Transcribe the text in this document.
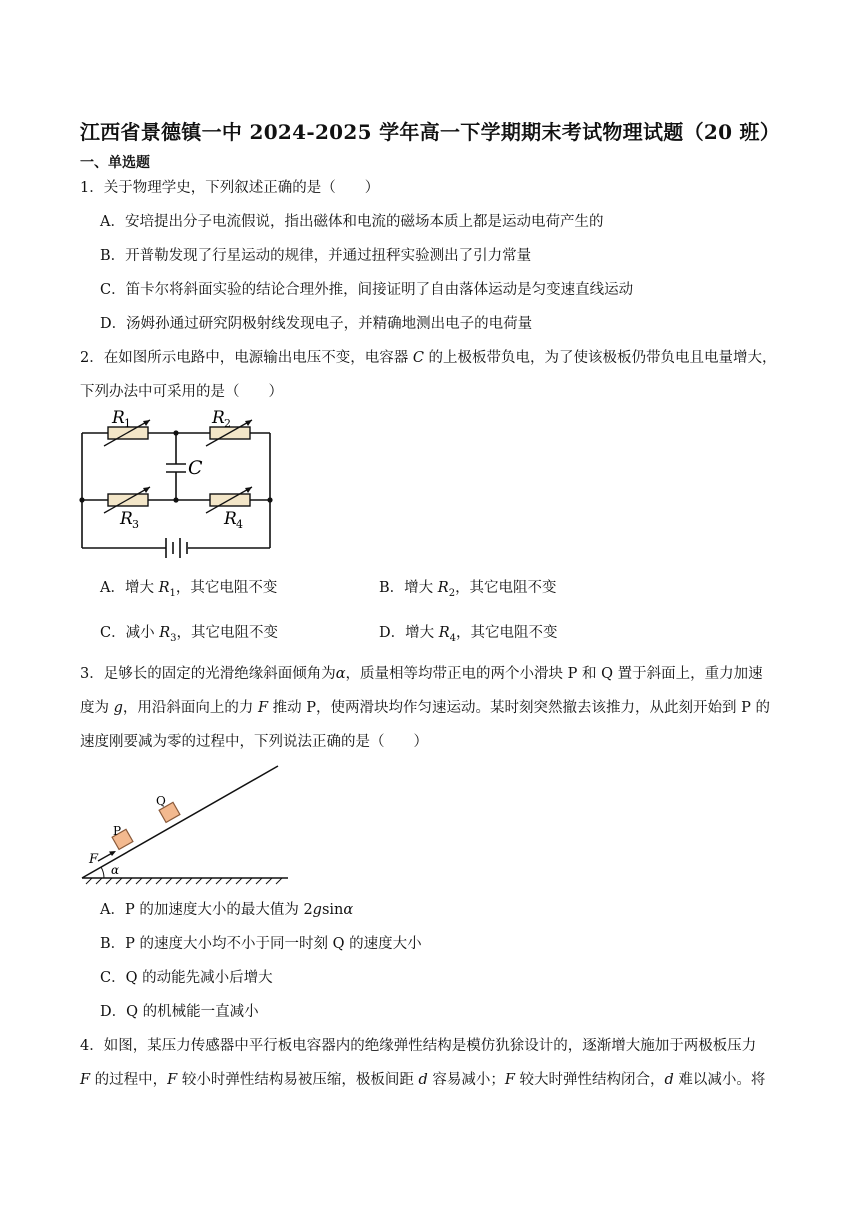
江西省景德镇一中 2024-2025 学年高一下学期期末考试物理试题（20 班）
一、单选题
1．关于物理学史，下列叙述正确的是（　　）
A．安培提出分子电流假说，指出磁体和电流的磁场本质上都是运动电荷产生的
B．开普勒发现了行星运动的规律，并通过扭秤实验测出了引力常量
C．笛卡尔将斜面实验的结论合理外推，间接证明了自由落体运动是匀变速直线运动
D．汤姆孙通过研究阴极射线发现电子，并精确地测出电子的电荷量
2．在如图所示电路中，电源输出电压不变，电容器 C 的上极板带负电，为了使该极板仍带负电且电量增大，
下列办法中可采用的是（　　）
R 1	R 2
R 3	R 4
C
A．增大 $R_1$，其它电阻不变	B．增大 $R_2$，其它电阻不变
C．减小 $R_3$，其它电阻不变	D．增大 $R_4$，其它电阻不变
3．足够长的固定的光滑绝缘斜面倾角为α，质量相等均带正电的两个小滑块 P 和 Q 置于斜面上，重力加速
度为 g，用沿斜面向上的力 F 推动 P，使两滑块均作匀速运动。某时刻突然撤去该推力，从此刻开始到 P 的
速度刚要减为零的过程中，下列说法正确的是（　　）
F
P
Q
α
A．P 的加速度大小的最大值为 2gsinα
B．P 的速度大小均不小于同一时刻 Q 的速度大小
C．Q 的动能先减小后增大
D．Q 的机械能一直减小
4．如图，某压力传感器中平行板电容器内的绝缘弹性结构是模仿犰狳设计的，逐渐增大施加于两极板压力
F 的过程中，F 较小时弹性结构易被压缩，极板间距 d 容易减小；F 较大时弹性结构闭合，d 难以减小。将
